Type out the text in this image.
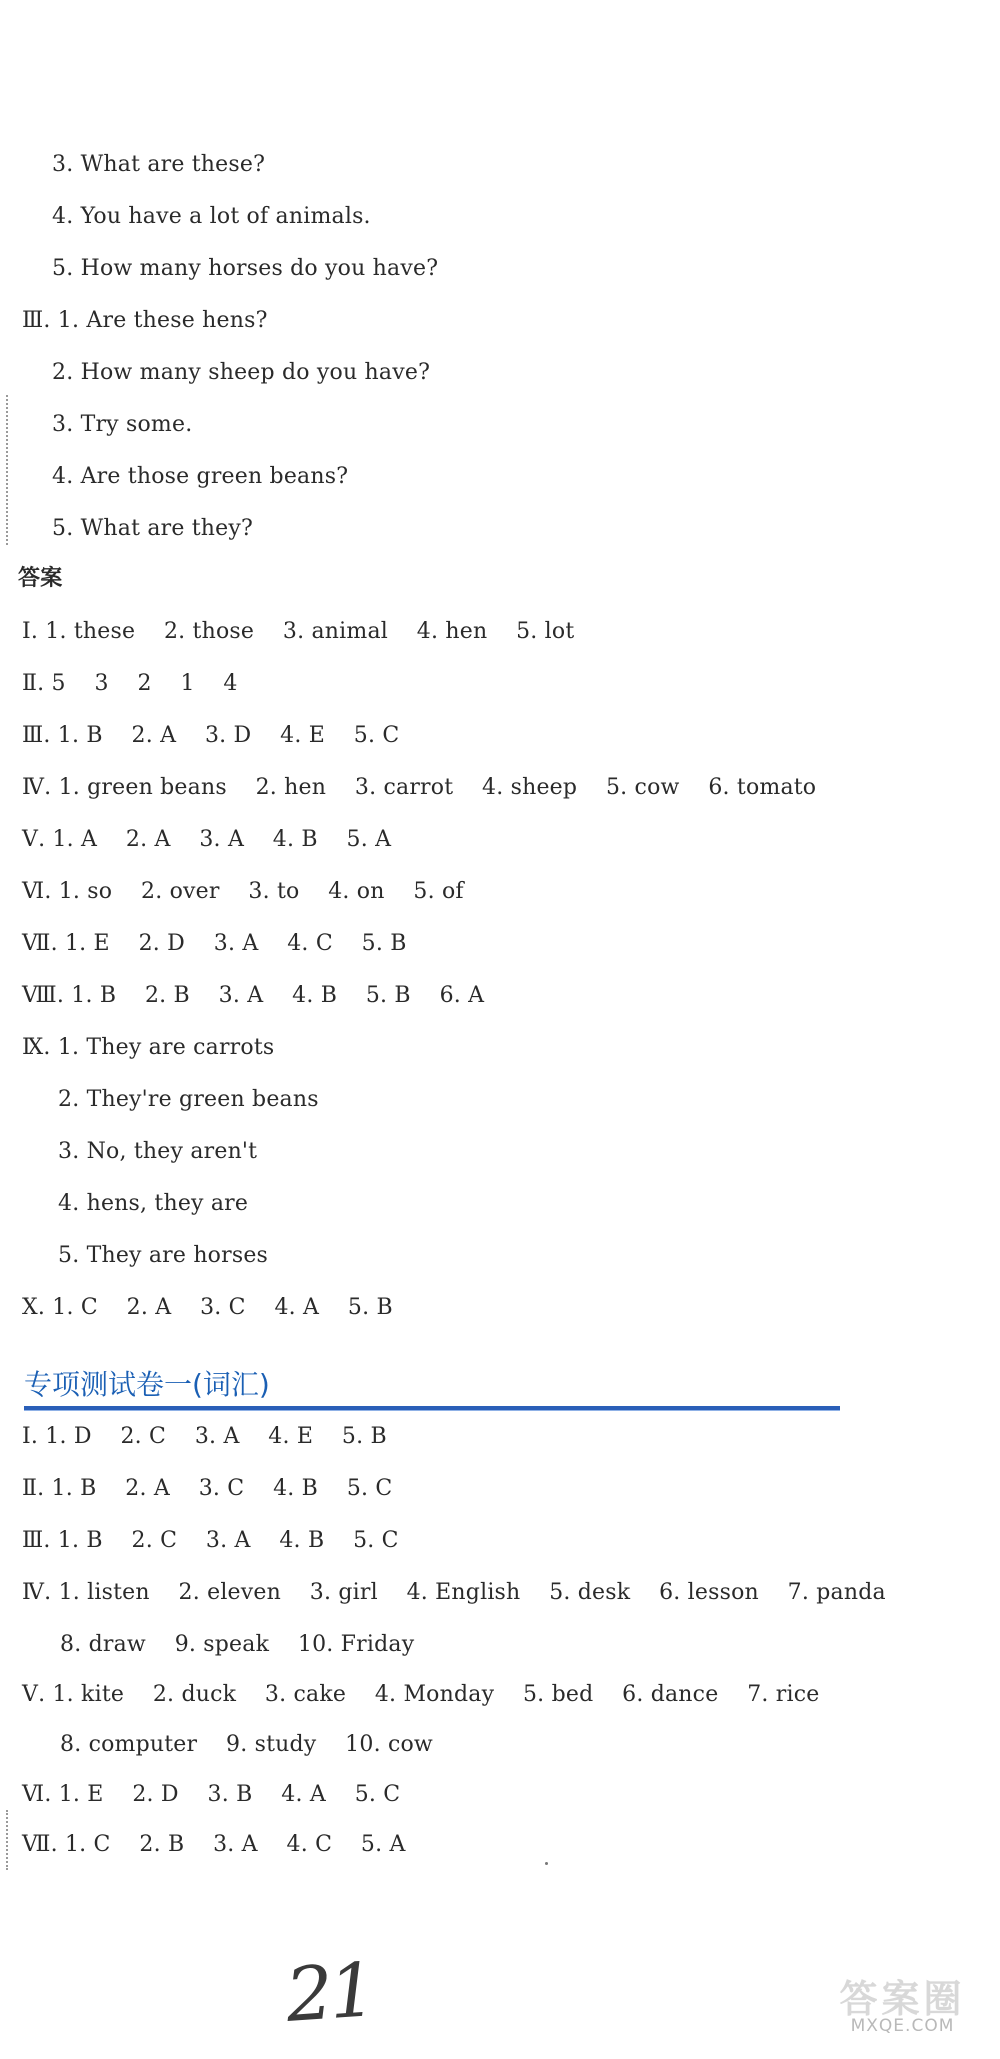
3. What are these?
4. You have a lot of animals.
5. How many horses do you have?
Ⅲ. 1. Are these hens?
2. How many sheep do you have?
3. Try some.
4. Are those green beans?
5. What are they?
答案
Ⅰ. 1. these    2. those    3. animal    4. hen    5. lot
Ⅱ. 5    3    2    1    4
Ⅲ. 1. B    2. A    3. D    4. E    5. C
Ⅳ. 1. green beans    2. hen    3. carrot    4. sheep    5. cow    6. tomato
Ⅴ. 1. A    2. A    3. A    4. B    5. A
Ⅵ. 1. so    2. over    3. to    4. on    5. of
Ⅶ. 1. E    2. D    3. A    4. C    5. B
Ⅷ. 1. B    2. B    3. A    4. B    5. B    6. A
Ⅸ. 1. They are carrots
2. They're green beans
3. No, they aren't
4. hens, they are
5. They are horses
Ⅹ. 1. C    2. A    3. C    4. A    5. B
专项测试卷一(词汇)
Ⅰ. 1. D    2. C    3. A    4. E    5. B
Ⅱ. 1. B    2. A    3. C    4. B    5. C
Ⅲ. 1. B    2. C    3. A    4. B    5. C
Ⅳ. 1. listen    2. eleven    3. girl    4. English    5. desk    6. lesson    7. panda
8. draw    9. speak    10. Friday
Ⅴ. 1. kite    2. duck    3. cake    4. Monday    5. bed    6. dance    7. rice
8. computer    9. study    10. cow
Ⅵ. 1. E    2. D    3. B    4. A    5. C
Ⅶ. 1. C    2. B    3. A    4. C    5. A
21	答案圈
MXQE.COM
